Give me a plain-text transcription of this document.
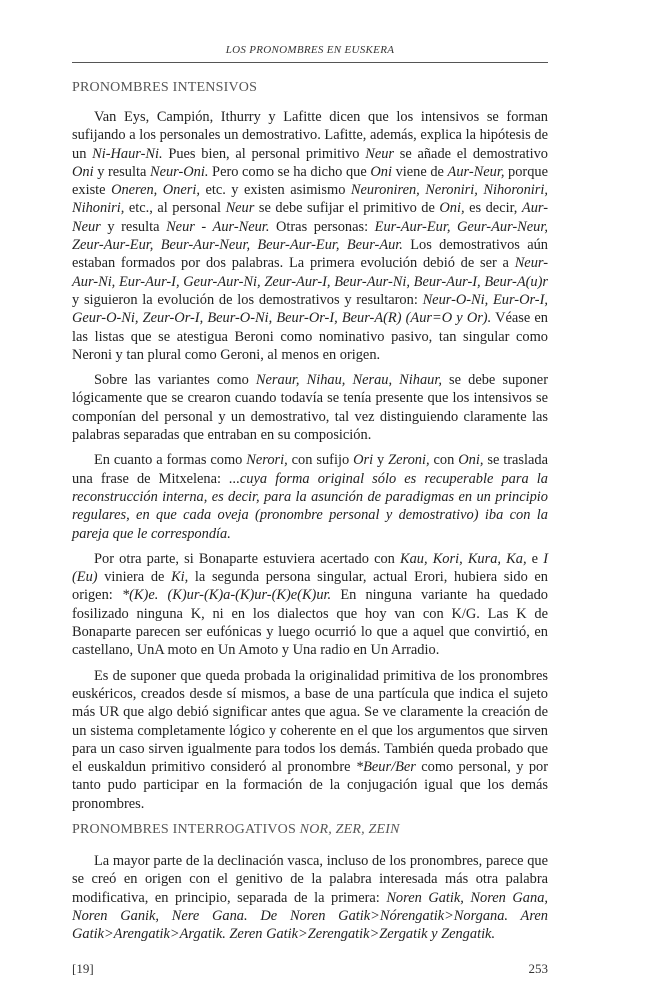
LOS PRONOMBRES EN EUSKERA
PRONOMBRES INTENSIVOS

Van Eys, Campión, Ithurry y Lafitte dicen que los intensivos se forman sufijando a los personales un demostrativo. Lafitte, además, explica la hipótesis de un Ni-Haur-Ni. Pues bien, al personal primitivo Neur se añade el demostrativo Oni y resulta Neur-Oni. Pero como se ha dicho que Oni viene de Aur-Neur, porque existe Oneren, Oneri, etc. y existen asimismo Neuroniren, Neroniri, Nihoroniri, Nihoniri, etc., al personal Neur se debe sufijar el primitivo de Oni, es decir, Aur-Neur y resulta Neur - Aur-Neur. Otras personas: Eur-Aur-Eur, Geur-Aur-Neur, Zeur-Aur-Eur, Beur-Aur-Neur, Beur-Aur-Eur, Beur-Aur. Los demostrativos aún estaban formados por dos palabras. La primera evolución debió de ser a Neur-Aur-Ni, Eur-Aur-I, Geur-Aur-Ni, Zeur-Aur-I, Beur-Aur-Ni, Beur-Aur-I, Beur-A(u)r y siguieron la evolución de los demostrativos y resultaron: Neur-O-Ni, Eur-Or-I, Geur-O-Ni, Zeur-Or-I, Beur-O-Ni, Beur-Or-I, Beur-A(R) (Aur=O y Or). Véase en las listas que se atestigua Beroni como nominativo pasivo, tan singular como Neroni y tan plural como Geroni, al menos en origen.

Sobre las variantes como Neraur, Nihau, Nerau, Nihaur, se debe suponer lógicamente que se crearon cuando todavía se tenía presente que los intensivos se componían del personal y un demostrativo, tal vez distinguiendo claramente las palabras separadas que entraban en su composición.

En cuanto a formas como Nerori, con sufijo Ori y Zeroni, con Oni, se traslada una frase de Mitxelena: ...cuya forma original sólo es recuperable para la reconstrucción interna, es decir, para la asunción de paradigmas en un principio regulares, en que cada oveja (pronombre personal y demostrativo) iba con la pareja que le correspondía.

Por otra parte, si Bonaparte estuviera acertado con Kau, Kori, Kura, Ka, e I (Eu) viniera de Ki, la segunda persona singular, actual Erori, hubiera sido en origen: *(K)e. (K)ur-(K)a-(K)ur-(K)e(K)ur. En ninguna variante ha quedado fosilizado ninguna K, ni en los dialectos que hoy van con K/G. Las K de Bonaparte parecen ser eufónicas y luego ocurrió lo que a aquel que convirtió, en castellano, UnA moto en Un Amoto y Una radio en Un Arradio.

Es de suponer que queda probada la originalidad primitiva de los pronombres euskéricos, creados desde sí mismos, a base de una partícula que indica el sujeto más UR que algo debió significar antes que agua. Se ve claramente la creación de un sistema completamente lógico y coherente en el que los argumentos que sirven para un caso sirven igualmente para todos los demás. También queda probado que el euskaldun primitivo consideró al pronombre *Beur/Ber como personal, y por tanto pudo participar en la formación de la conjugación igual que los demás pronombres.

PRONOMBRES INTERROGATIVOS NOR, ZER, ZEIN

La mayor parte de la declinación vasca, incluso de los pronombres, parece que se creó en origen con el genitivo de la palabra interesada más otra palabra modificativa, en principio, separada de la primera: Noren Gatik, Noren Gana, Noren Ganik, Nere Gana. De Noren Gatik>Nórengatik>Norgana. Aren Gatik>Arengatik>Argatik. Zeren Gatik>Zerengatik>Zergatik y Zengatik.

[19]	253
